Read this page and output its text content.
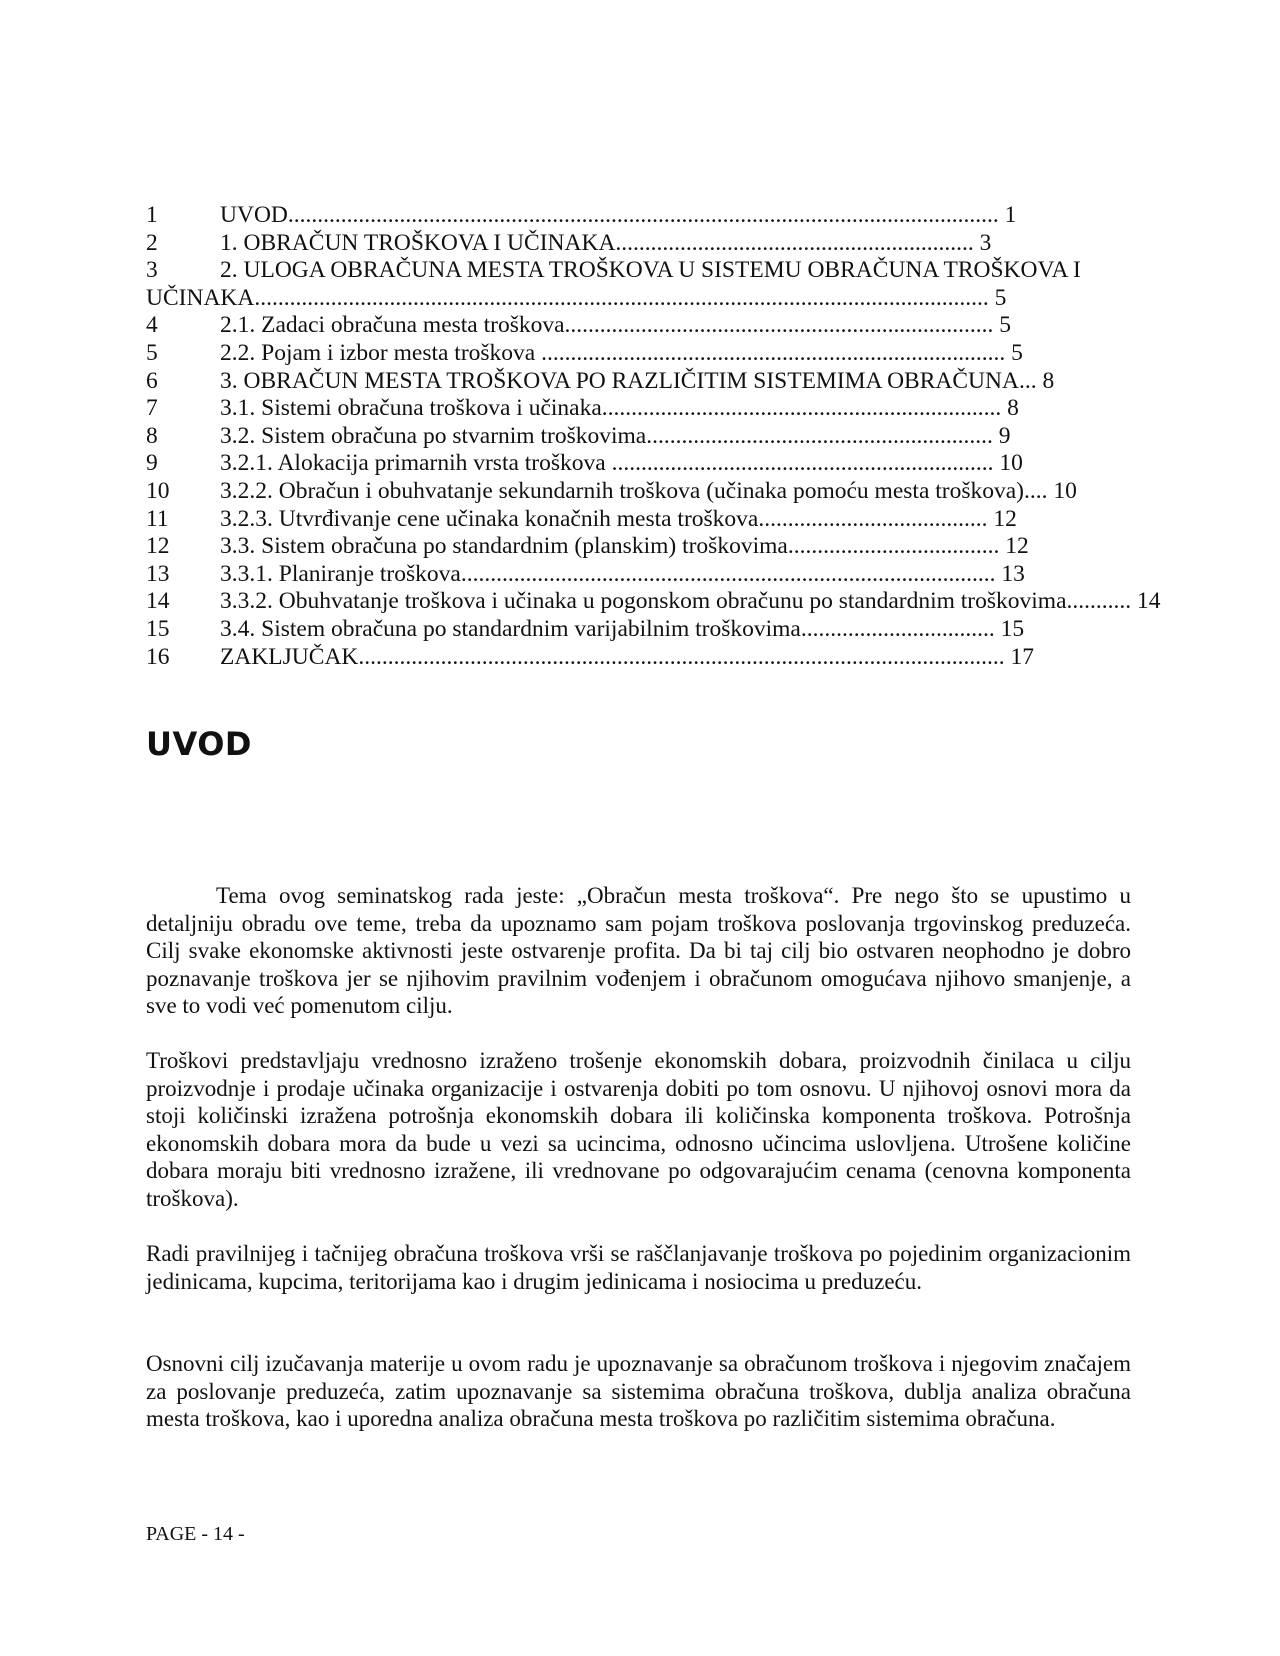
1	UVOD......................................................................................................................... 1
2	1. OBRAČUN TROŠKOVA I UČINAKA............................................................. 3
3	2. ULOGA OBRAČUNA MESTA TROŠKOVA U SISTEMU OBRAČUNA TROŠKOVA I UČINAKA............................................................................................................................. 5
4	2.1. Zadaci obračuna mesta troškova......................................................................... 5
5	2.2. Pojam i izbor mesta troškova ............................................................................... 5
6	3. OBRAČUN MESTA TROŠKOVA PO RAZLIČITIM SISTEMIMA OBRAČUNA... 8
7	3.1. Sistemi obračuna troškova i učinaka.................................................................... 8
8	3.2. Sistem obračuna po stvarnim troškovima........................................................... 9
9	3.2.1. Alokacija primarnih vrsta troškova ................................................................. 10
10 3.2.2. Obračun i obuhvatanje sekundarnih troškova (učinaka pomoću mesta troškova).... 10
11 3.2.3. Utvrđivanje cene učinaka konačnih mesta troškova....................................... 12
12 3.3. Sistem obračuna po standardnim (planskim) troškovima.................................... 12
13 3.3.1. Planiranje troškova........................................................................................... 13
14 3.3.2. Obuhvatanje troškova i učinaka u pogonskom obračunu po standardnim troškovima........... 14
15 3.4. Sistem obračuna po standardnim varijabilnim troškovima................................. 15
16 ZAKLJUČAK.............................................................................................................. 17
UVOD

Tema ovog seminatskog rada jeste: „Obračun mesta troškova“. Pre nego što se upustimo u detaljniju obradu ove teme, treba da upoznamo sam pojam troškova poslovanja trgovinskog preduzeća. Cilj svake ekonomske aktivnosti jeste ostvarenje profita. Da bi taj cilj bio ostvaren neophodno je dobro poznavanje troškova jer se njihovim pravilnim vođenjem i obračunom omogućava njihovo smanjenje, a sve to vodi već pomenutom cilju.

Troškovi predstavljaju vrednosno izraženo trošenje ekonomskih dobara, proizvodnih činilaca u cilju proizvodnje i prodaje učinaka organizacije i ostvarenja dobiti po tom osnovu. U njihovoj osnovi mora da stoji količinski izražena potrošnja ekonomskih dobara ili količinska komponenta troškova. Potrošnja ekonomskih dobara mora da bude u vezi sa ucincima, odnosno učincima uslovljena. Utrošene količine dobara moraju biti vrednosno izražene, ili vrednovane po odgovarajućim cenama (cenovna komponenta troškova).

Radi pravilnijeg i tačnijeg obračuna troškova vrši se raščlanjavanje troškova po pojedinim organizacionim jedinicama, kupcima, teritorijama kao i drugim jedinicama i nosiocima u preduzeću.

Osnovni cilj izučavanja materije u ovom radu je upoznavanje sa obračunom troškova i njegovim značajem za poslovanje preduzeća, zatim upoznavanje sa sistemima obračuna troškova, dublja analiza obračuna mesta troškova, kao i uporedna analiza obračuna mesta troškova po različitim sistemima obračuna.

PAGE - 14 -
